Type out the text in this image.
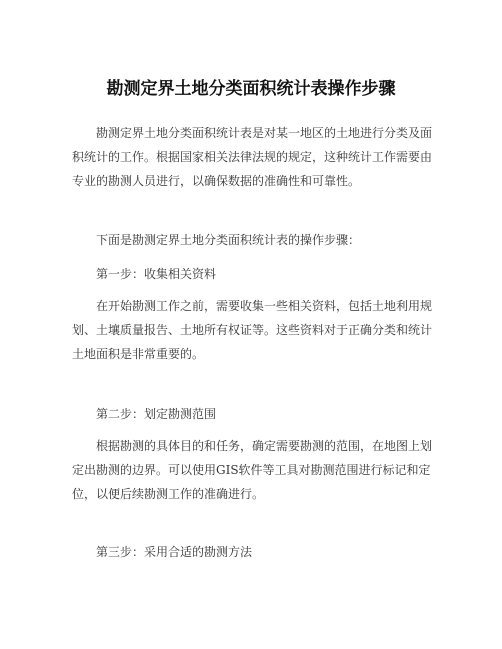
勘测定界土地分类面积统计表操作步骤
勘测定界土地分类面积统计表是对某一地区的土地进行分类及面
积统计的工作。根据国家相关法律法规的规定，这种统计工作需要由
专业的勘测人员进行，以确保数据的准确性和可靠性。
下面是勘测定界土地分类面积统计表的操作步骤：
第一步：收集相关资料
在开始勘测工作之前，需要收集一些相关资料，包括土地利用规
划、土壤质量报告、土地所有权证等。这些资料对于正确分类和统计
土地面积是非常重要的。
第二步：划定勘测范围
根据勘测的具体目的和任务，确定需要勘测的范围，在地图上划
定出勘测的边界。可以使用GIS软件等工具对勘测范围进行标记和定
位，以便后续勘测工作的准确进行。
第三步：采用合适的勘测方法
